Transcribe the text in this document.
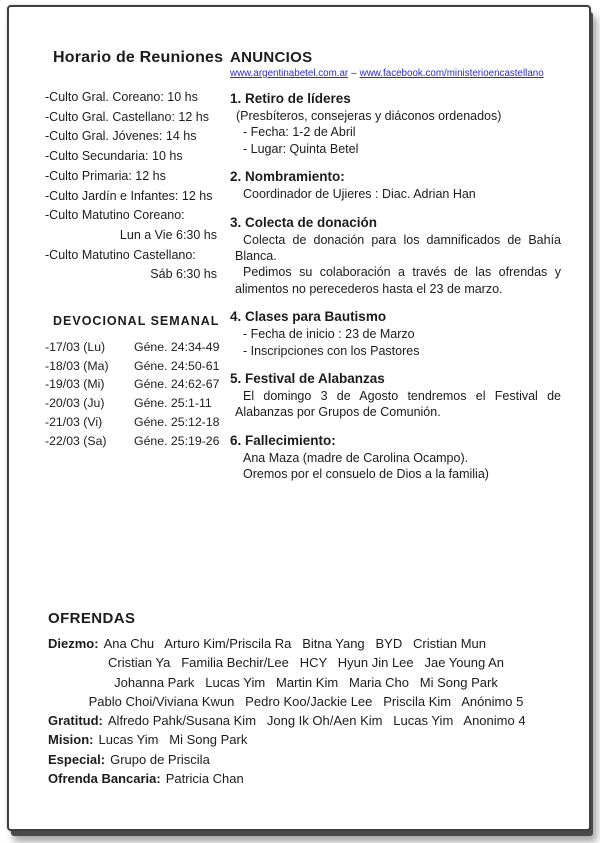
Horario de Reuniones
-Culto Gral. Coreano: 10 hs
-Culto Gral. Castellano: 12 hs
-Culto Gral. Jóvenes: 14 hs
-Culto Secundaria: 10 hs
-Culto Primaria: 12 hs
-Culto Jardín e Infantes: 12 hs
-Culto Matutino Coreano:
Lun a Vie 6:30 hs
-Culto Matutino Castellano:
Sáb 6:30 hs
DEVOCIONAL SEMANAL
-17/03 (Lu)	Géne. 24:34-49
-18/03 (Ma)	Géne. 24:50-61
-19/03 (Mi)	Géne. 24:62-67
-20/03 (Ju)	Géne. 25:1-11
-21/03 (Vi)	Géne. 25:12-18
-22/03 (Sa)	Géne. 25:19-26
ANUNCIOS
www.argentinabetel.com.ar – www.facebook.com/ministerioencastellano
1. Retiro de líderes
(Presbíteros, consejeras y diáconos ordenados)
- Fecha: 1-2 de Abril
- Lugar: Quinta Betel
2. Nombramiento:

Coordinador de Ujieres : Diac. Adrian Han

3. Colecta de donación

Colecta de donación para los damnificados de Bahía Blanca.

Pedimos su colaboración a través de las ofrendas y alimentos no perecederos hasta el 23 de marzo.

4. Clases para Bautismo
- Fecha de inicio : 23 de Marzo
- Inscripciones con los Pastores
5. Festival de Alabanzas

El domingo 3 de Agosto tendremos el Festival de Alabanzas por Grupos de Comunión.

6. Fallecimiento:
Ana Maza (madre de Carolina Ocampo).
Oremos por el consuelo de Dios a la familia)
OFRENDAS
Diezmo: Ana Chu   Arturo Kim/Priscila Ra   Bitna Yang   BYD   Cristian Mun
Cristian Ya   Familia Bechir/Lee   HCY   Hyun Jin Lee   Jae Young An
Johanna Park   Lucas Yim   Martin Kim   Maria Cho   Mi Song Park
Pablo Choi/Viviana Kwun   Pedro Koo/Jackie Lee   Priscila Kim   Anónimo 5
Gratitud: Alfredo Pahk/Susana Kim   Jong Ik Oh/Aen Kim   Lucas Yim   Anonimo 4
Mision: Lucas Yim   Mi Song Park
Especial: Grupo de Priscila
Ofrenda Bancaria: Patricia Chan
